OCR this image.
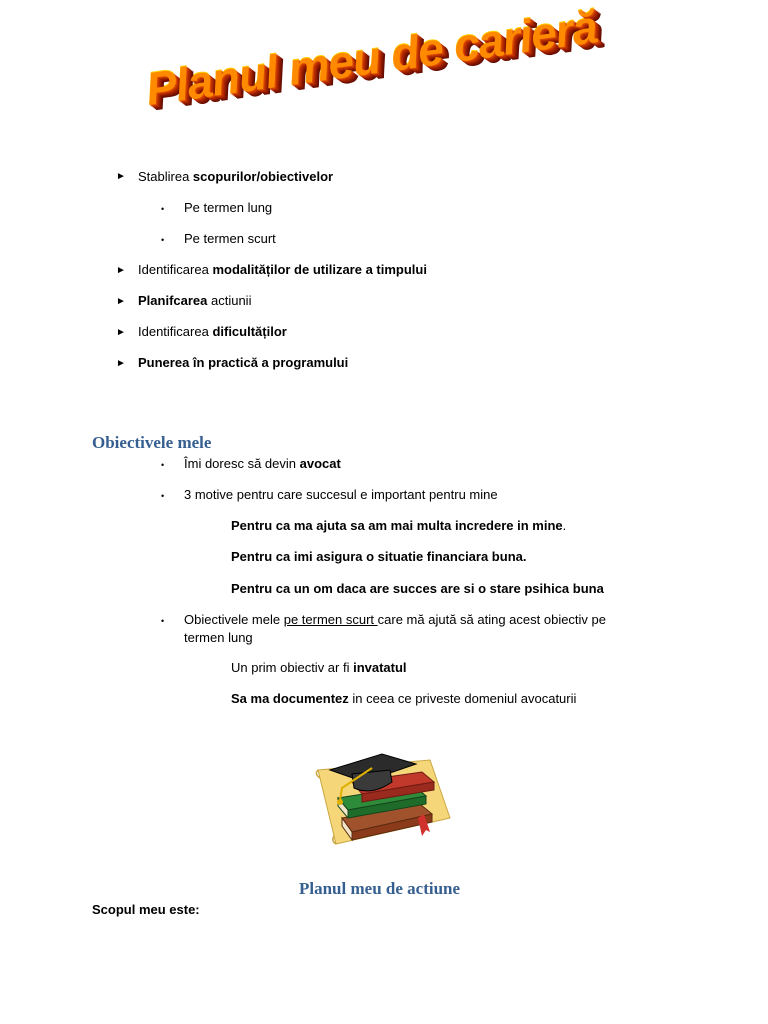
Planul meu de carieră
► Stablirea scopurilor/obiectivelor
• Pe termen lung
• Pe termen scurt
► Identificarea modalităților de utilizare a timpului
► Planifcarea actiunii
► Identificarea dificultăților
► Punerea în practică a programului
Obiectivele mele
• Îmi doresc să devin avocat
• 3 motive pentru care succesul e important pentru mine
Pentru ca ma ajuta sa am mai multa incredere in mine.
Pentru ca imi asigura o situatie financiara buna.
Pentru ca un om daca are succes are si o stare psihica buna
• Obiectivele mele pe termen scurt care mă ajută să ating acest obiectiv pe
termen lung
Un prim obiectiv ar fi invatatul
Sa ma documentez in ceea ce priveste domeniul avocaturii
Planul meu de actiune
Scopul meu este:
